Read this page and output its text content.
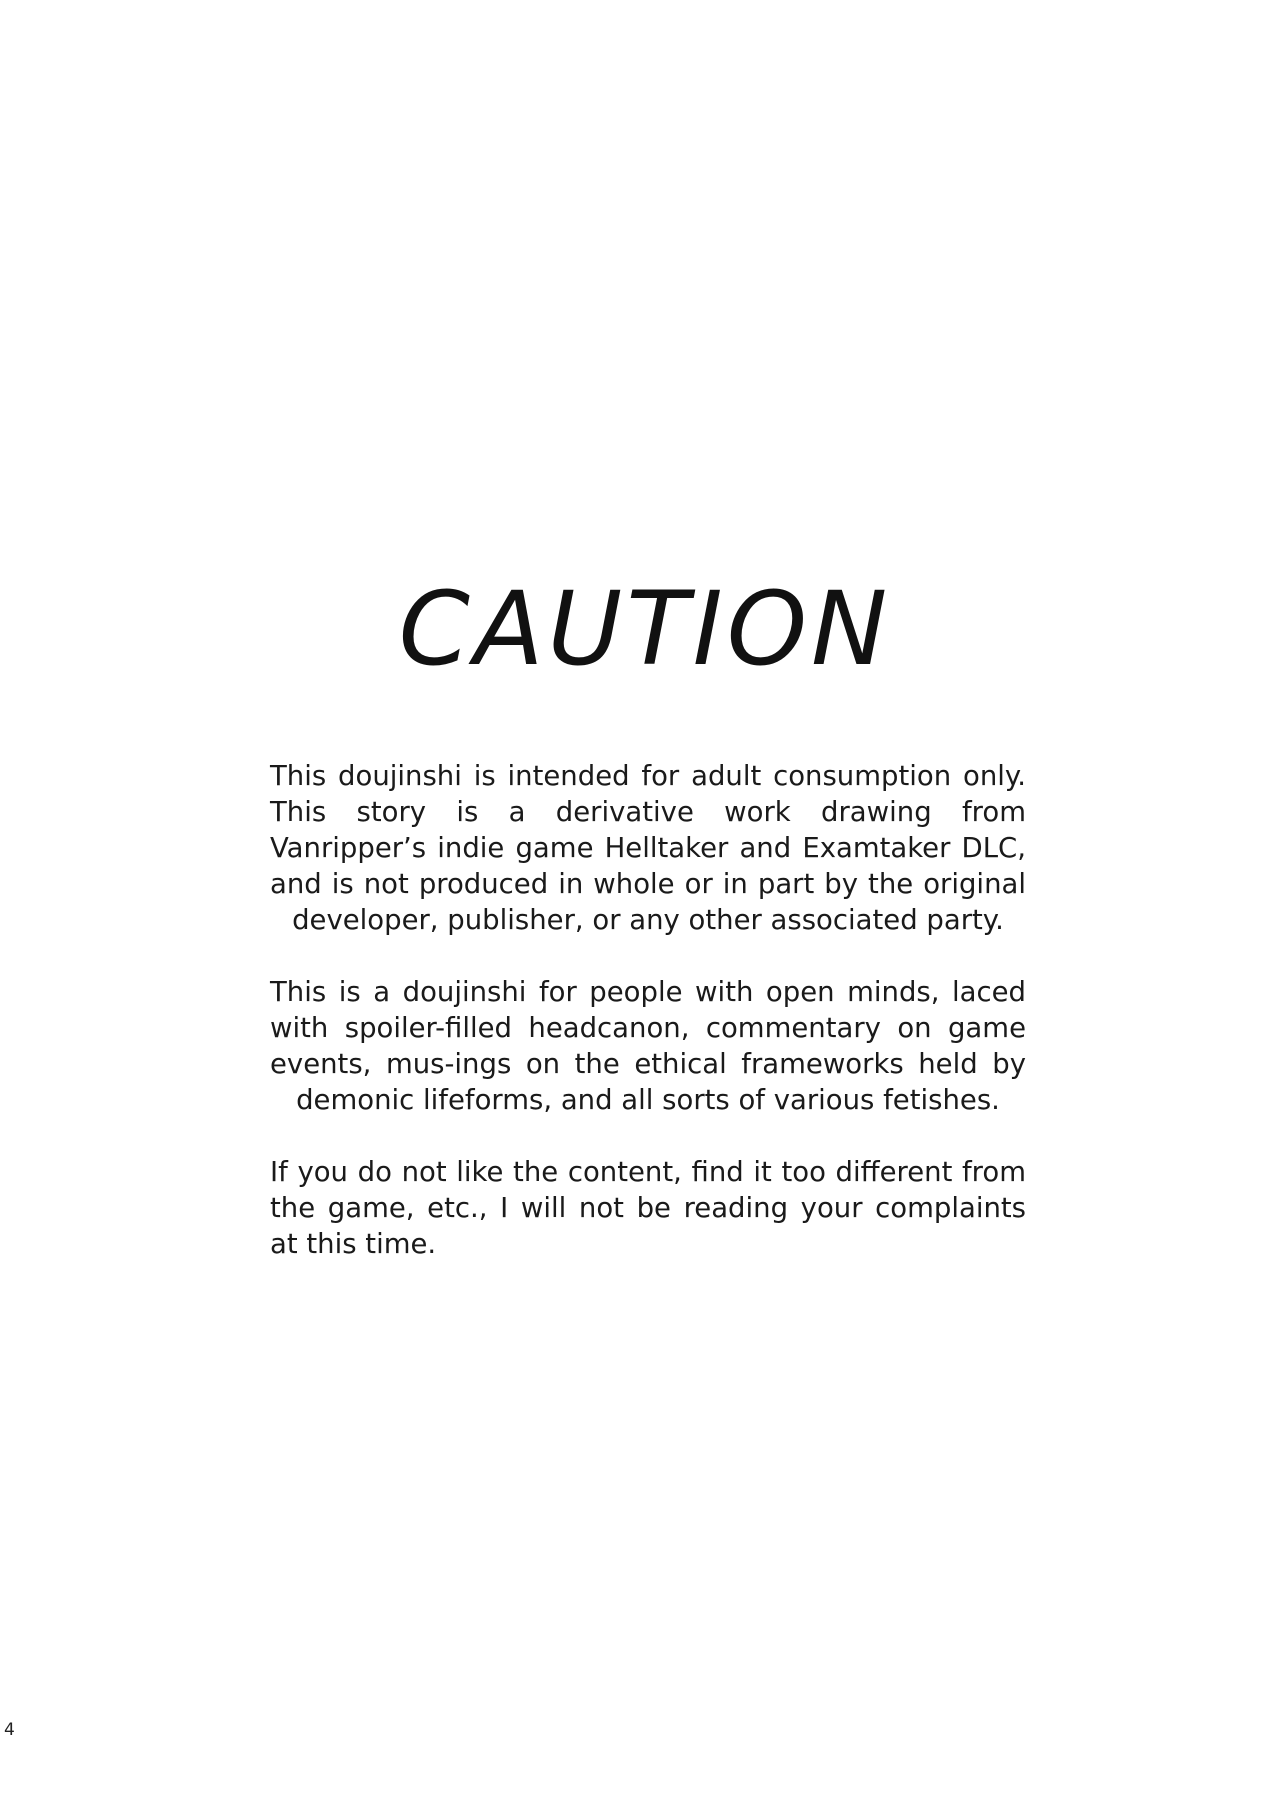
CAUTION

This doujinshi is intended for adult consumption only. This story is a derivative work drawing from Vanripper’s indie game Helltaker and Examtaker DLC, and is not produced in whole or in part by the original developer, publisher, or any other associated party.

This is a doujinshi for people with open minds, laced with spoiler-filled headcanon, commentary on game events, mus-ings on the ethical frameworks held by demonic lifeforms, and all sorts of various fetishes.

If you do not like the content, find it too different from the game, etc., I will not be reading your complaints at this time.

4
